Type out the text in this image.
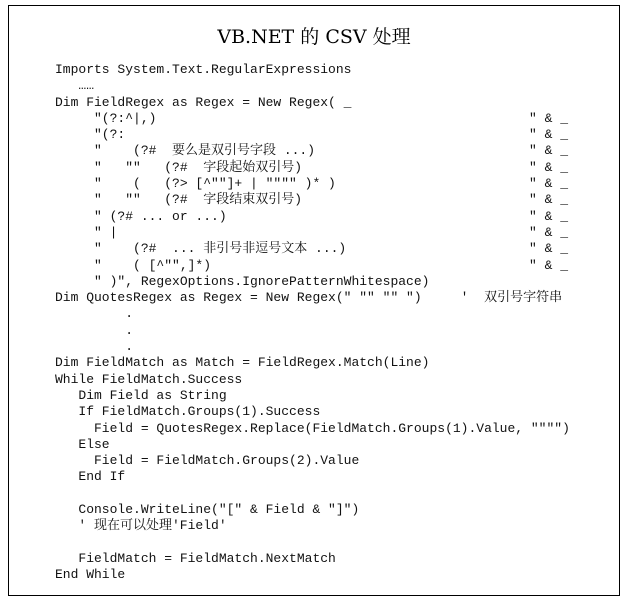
VB.NET 的 CSV 处理
Imports System.Text.RegularExpressions
……
Dim FieldRegex as Regex = New Regex( _
"(?:^|,)	" & _
"(?:	" & _
"    (?#  要么是双引号字段 ...)	" & _
"   ""   (?#  字段起始双引号)	" & _
"    (   (?> [^""]+ | """" )* )	" & _
"   ""   (?#  字段结束双引号)	" & _
" (?# ... or ...)	" & _
" |	" & _
"    (?#  ... 非引号非逗号文本 ...)	" & _
"    ( [^"",]*)	" & _
" )", RegexOptions.IgnorePatternWhitespace)
Dim QuotesRegex as Regex = New Regex(" "" "" ")     '  双引号字符串
.
.
.
Dim FieldMatch as Match = FieldRegex.Match(Line)
While FieldMatch.Success
Dim Field as String
If FieldMatch.Groups(1).Success
Field = QuotesRegex.Replace(FieldMatch.Groups(1).Value, """")
Else
Field = FieldMatch.Groups(2).Value
End If
Console.WriteLine("[" & Field & "]")
' 现在可以处理'Field'
FieldMatch = FieldMatch.NextMatch
End While
